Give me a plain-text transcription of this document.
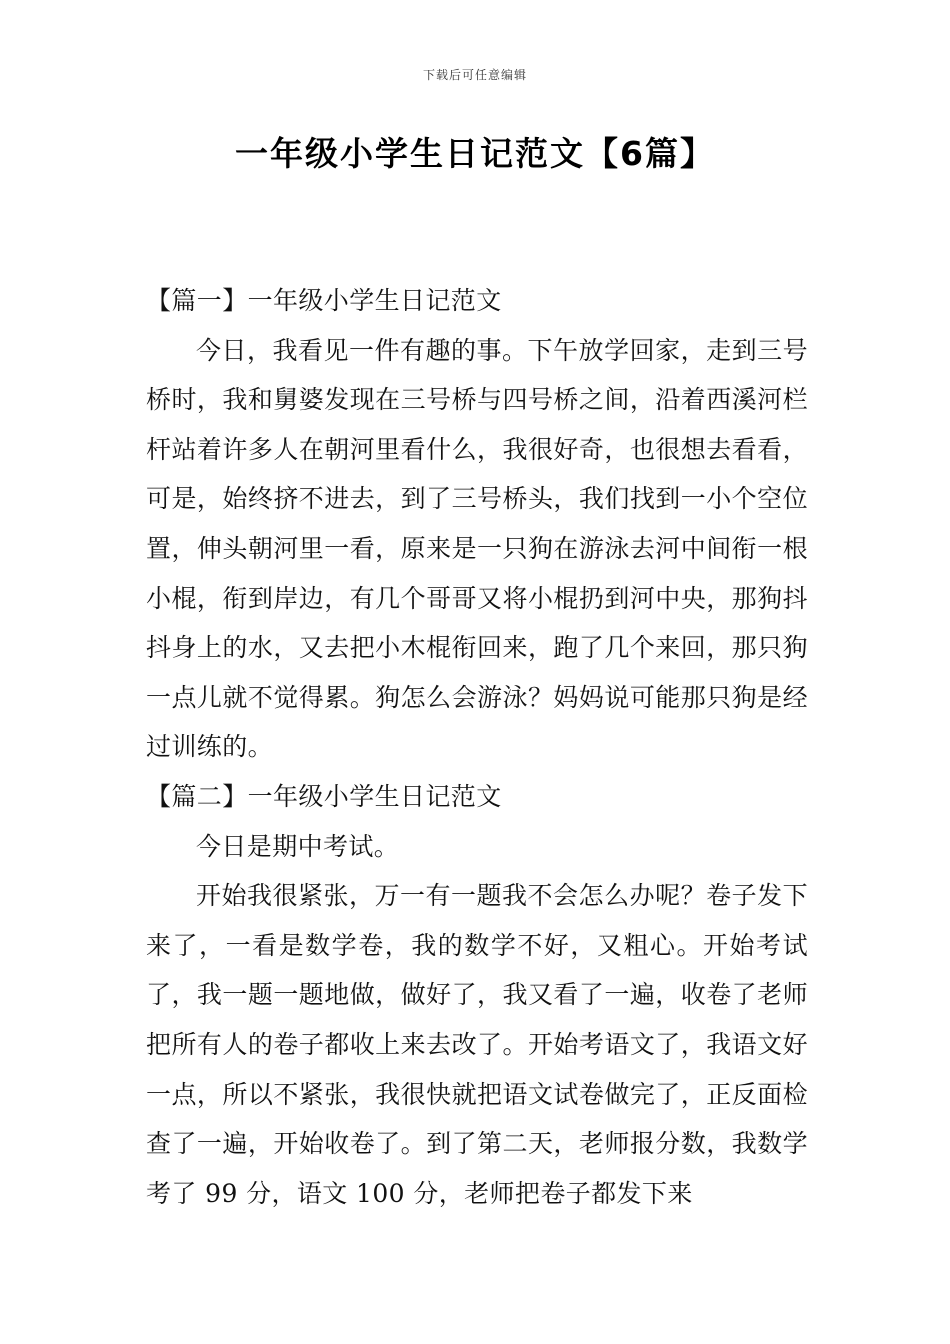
下载后可任意编辑
一年级小学生日记范文【6篇】

【篇一】一年级小学生日记范文

今日，我看见一件有趣的事。下午放学回家，走到三号桥时，我和舅婆发现在三号桥与四号桥之间，沿着西溪河栏杆站着许多人在朝河里看什么，我很好奇，也很想去看看，可是，始终挤不进去，到了三号桥头，我们找到一小个空位置，伸头朝河里一看，原来是一只狗在游泳去河中间衔一根小棍，衔到岸边，有几个哥哥又将小棍扔到河中央，那狗抖抖身上的水，又去把小木棍衔回来，跑了几个来回，那只狗一点儿就不觉得累。狗怎么会游泳？妈妈说可能那只狗是经过训练的。

【篇二】一年级小学生日记范文

今日是期中考试。

开始我很紧张，万一有一题我不会怎么办呢？卷子发下来了，一看是数学卷，我的数学不好，又粗心。开始考试了，我一题一题地做，做好了，我又看了一遍，收卷了老师把所有人的卷子都收上来去改了。开始考语文了，我语文好一点，所以不紧张，我很快就把语文试卷做完了，正反面检查了一遍，开始收卷了。到了第二天，老师报分数，我数学考了 99 分，语文 100 分，老师把卷子都发下来
